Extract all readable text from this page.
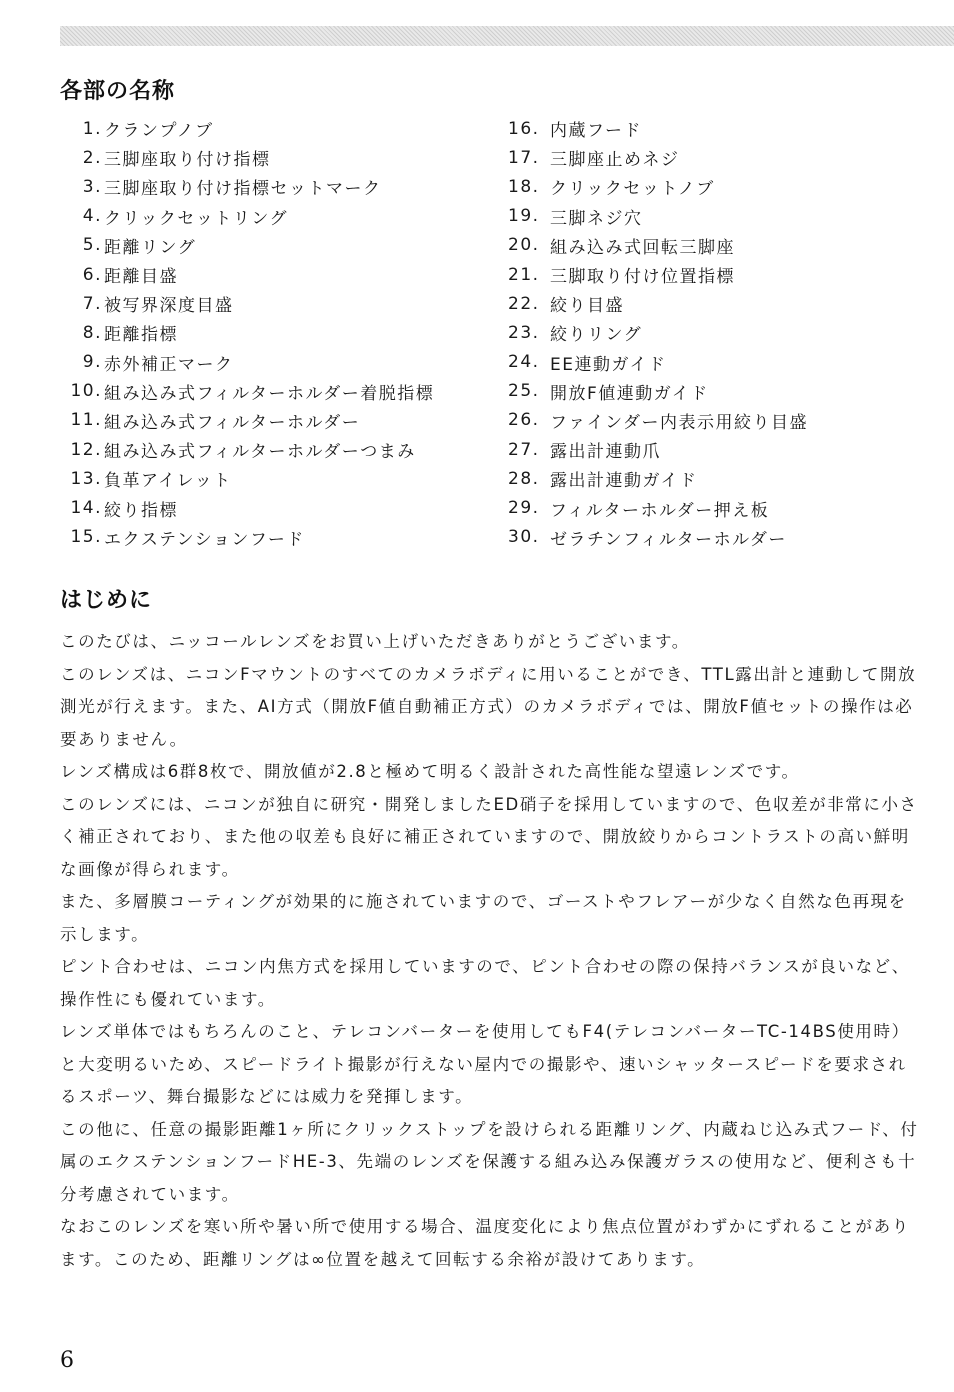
各部の名称
1. クランプノブ
2. 三脚座取り付け指標
3. 三脚座取り付け指標セットマーク
4. クリックセットリング
5. 距離リング
6. 距離目盛
7. 被写界深度目盛
8. 距離指標
9. 赤外補正マーク
10. 組み込み式フィルターホルダー着脱指標
11. 組み込み式フィルターホルダー
12. 組み込み式フィルターホルダーつまみ
13. 負革アイレット
14. 絞り指標
15. エクステンションフード
16. 内蔵フード
17. 三脚座止めネジ
18. クリックセットノブ
19. 三脚ネジ穴
20. 組み込み式回転三脚座
21. 三脚取り付け位置指標
22. 絞り目盛
23. 絞りリング
24. EE連動ガイド
25. 開放F値連動ガイド
26. ファインダー内表示用絞り目盛
27. 露出計連動爪
28. 露出計連動ガイド
29. フィルターホルダー押え板
30. ゼラチンフィルターホルダー
はじめに

このたびは、ニッコールレンズをお買い上げいただきありがとうございます。

このレンズは、ニコンFマウントのすべてのカメラボディに用いることができ、TTL露出計と連動して開放測光が行えます。また、AI方式（開放F値自動補正方式）のカメラボディでは、開放F値セットの操作は必要ありません。

レンズ構成は6群8枚で、開放値が2.8と極めて明るく設計された高性能な望遠レンズです。

このレンズには、ニコンが独自に研究・開発しましたED硝子を採用していますので、色収差が非常に小さく補正されており、また他の収差も良好に補正されていますので、開放絞りからコントラストの高い鮮明な画像が得られます。

また、多層膜コーティングが効果的に施されていますので、ゴーストやフレアーが少なく自然な色再現を示します。

ピント合わせは、ニコン内焦方式を採用していますので、ピント合わせの際の保持バランスが良いなど、操作性にも優れています。

レンズ単体ではもちろんのこと、テレコンバーターを使用してもF4(テレコンバーターTC-14BS使用時）と大変明るいため、スピードライト撮影が行えない屋内での撮影や、速いシャッタースピードを要求されるスポーツ、舞台撮影などには威力を発揮します。

この他に、任意の撮影距離1ヶ所にクリックストップを設けられる距離リング、内蔵ねじ込み式フード、付属のエクステンションフードHE-3、先端のレンズを保護する組み込み保護ガラスの使用など、便利さも十分考慮されています。

なおこのレンズを寒い所や暑い所で使用する場合、温度変化により焦点位置がわずかにずれることがあります。このため、距離リングは∞位置を越えて回転する余裕が設けてあります。

6
